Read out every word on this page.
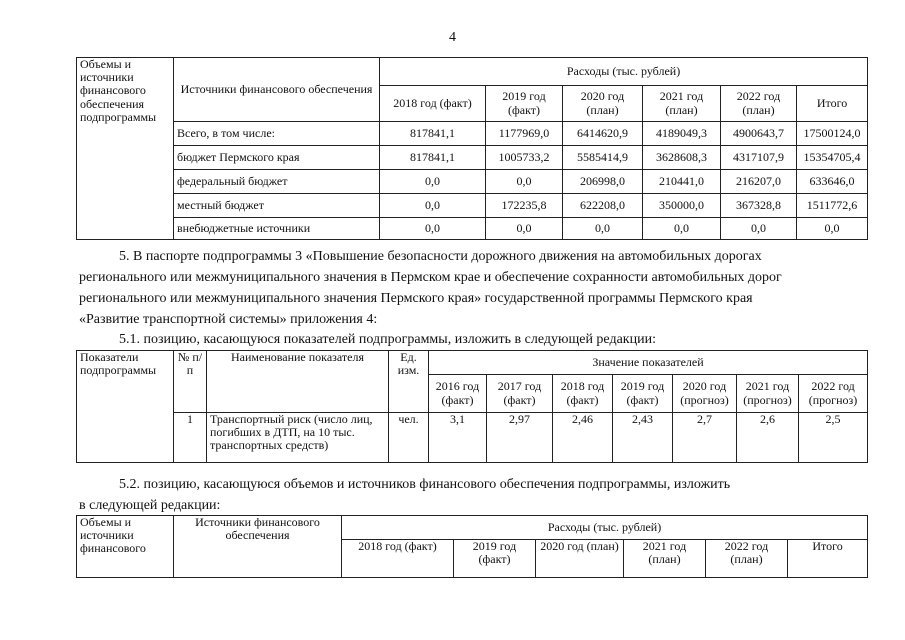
4
Объемы и источники финансового обеспечения подпрограммы	Источники финансового обеспечения	Расходы (тыс. рублей)					
		2018 год (факт)	2019 год (факт)	2020 год (план)	2021 год (план)	2022 год (план)	Итого
	Всего, в том числе:	817841,1	1177969,0	6414620,9	4189049,3	4900643,7	17500124,0
	бюджет Пермского края	817841,1	1005733,2	5585414,9	3628608,3	4317107,9	15354705,4
	федеральный бюджет	0,0	0,0	206998,0	210441,0	216207,0	633646,0
	местный бюджет	0,0	172235,8	622208,0	350000,0	367328,8	1511772,6
	внебюджетные источники	0,0	0,0	0,0	0,0	0,0	0,0
5. В паспорте подпрограммы 3 «Повышение безопасности дорожного движения на автомобильных дорогах
регионального или межмуниципального значения в Пермском крае и обеспечение сохранности автомобильных дорог
регионального или межмуниципального значения Пермского края» государственной программы Пермского края
«Развитие транспортной системы» приложения 4:
5.1. позицию, касающуюся показателей подпрограммы, изложить в следующей редакции:
Показатели подпрограммы	№ п/п	Наименование показателя	Ед. изм.	Значение показателей						
				2016 год (факт)	2017 год (факт)	2018 год (факт)	2019 год (факт)	2020 год (прогноз)	2021 год (прогноз)	2022 год (прогноз)
	1	Транспортный риск (число лиц, погибших в ДТП, на 10 тыс. транспортных средств)	чел.	3,1	2,97	2,46	2,43	2,7	2,6	2,5
5.2. позицию, касающуюся объемов и источников финансового обеспечения подпрограммы, изложить
в следующей редакции:
Объемы и источники финансового	Источники финансового обеспечения	Расходы (тыс. рублей)					
		2018 год (факт)	2019 год (факт)	2020 год (план)	2021 год (план)	2022 год (план)	Итого
